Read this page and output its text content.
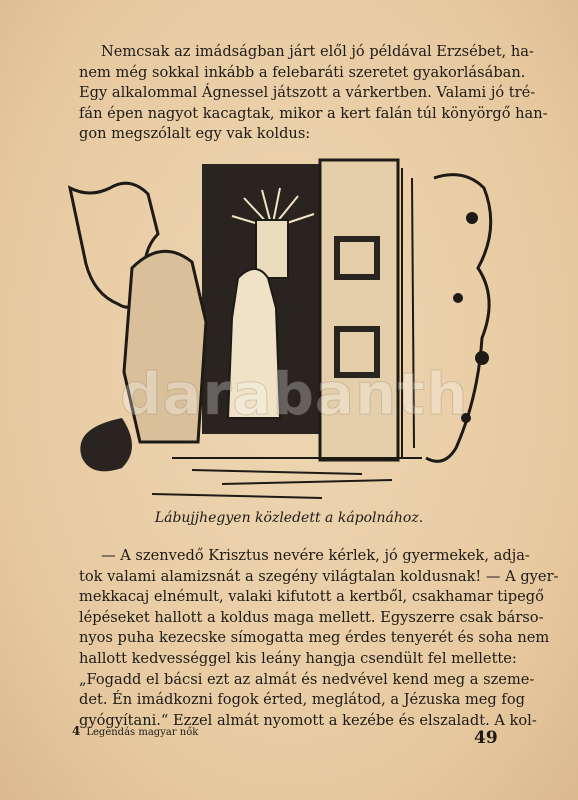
Nemcsak az imádságban járt elől jó példával Erzsébet, ha-
nem még sokkal inkább a felebaráti szeretet gyakorlásában.
Egy alkalommal Ágnessel játszott a várkertben. Valami jó tré-
fán épen nagyot kacagtak, mikor a kert falán túl könyörgő han-
gon megszólalt egy vak koldus:
darabanth
Lábujjhegyen közledett a kápolnához.
— A szenvedő Krisztus nevére kérlek, jó gyermekek, adja-
tok valami alamizsnát a szegény világtalan koldusnak! — A gyer-
mekkacaj elnémult, valaki kifutott a kertből, csakhamar tipegő
lépéseket hallott a koldus maga mellett. Egyszerre csak bárso-
nyos puha kezecske símogatta meg érdes tenyerét és soha nem
hallott kedvességgel kis leány hangja csendült fel mellette:
„Fogadd el bácsi ezt az almát és nedvével kend meg a szeme-
det. Én imádkozni fogok érted, meglátod, a Jézuska meg fog
gyógyítani.“ Ezzel almát nyomott a kezébe és elszaladt. A kol-
4 Legendás magyar nők	49
